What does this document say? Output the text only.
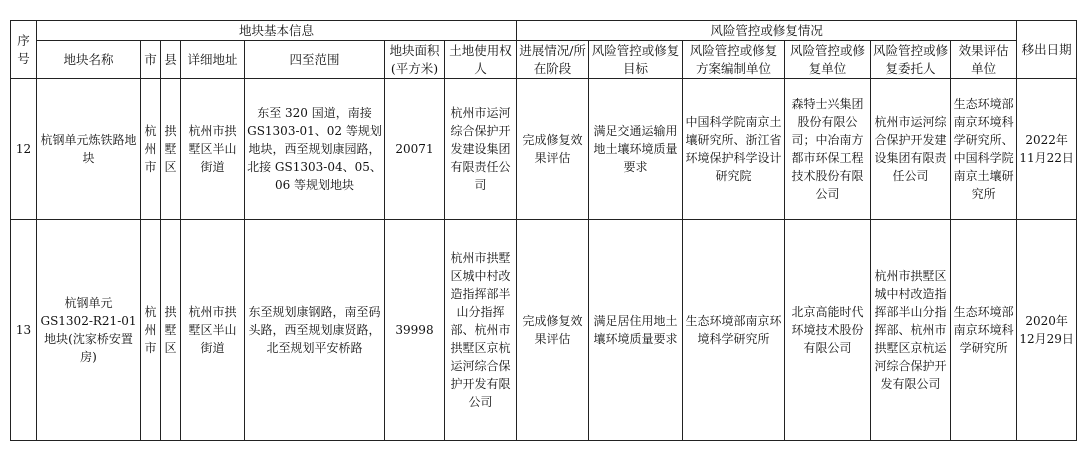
序号	地块基本信息							风险管控或修复情况						移出日期
	地块名称	市	县	详细地址	四至范围	地块面积(平方米)	土地使用权人	进展情况/所在阶段	风险管控或修复目标	风险管控或修复方案编制单位	风险管控或修复单位	风险管控或修复委托人	效果评估单位	
12	杭钢单元炼铁路地块	杭州市	拱墅区	杭州市拱墅区半山街道	东至 320 国道，南接 GS1303-01、02 等规划地块，西至规划康园路，北接 GS1303-04、05、06 等规划地块	20071	杭州市运河综合保护开发建设集团有限责任公司	完成修复效果评估	满足交通运输用地土壤环境质量要求	中国科学院南京土壤研究所、浙江省环境保护科学设计研究院	森特士兴集团股份有限公司；中冶南方都市环保工程技术股份有限公司	杭州市运河综合保护开发建设集团有限责任公司	生态环境部南京环境科学研究所、中国科学院南京土壤研究所	2022年11月22日
13	杭钢单元GS1302-R21-01地块(沈家桥安置房)	杭州市	拱墅区	杭州市拱墅区半山街道	东至规划康钢路，南至码头路，西至规划康贤路，北至规划平安桥路	39998	杭州市拱墅区城中村改造指挥部半山分指挥部、杭州市拱墅区京杭运河综合保护开发有限公司	完成修复效果评估	满足居住用地土壤环境质量要求	生态环境部南京环境科学研究所	北京高能时代环境技术股份有限公司	杭州市拱墅区城中村改造指挥部半山分指挥部、杭州市拱墅区京杭运河综合保护开发有限公司	生态环境部南京环境科学研究所	2020年12月29日
